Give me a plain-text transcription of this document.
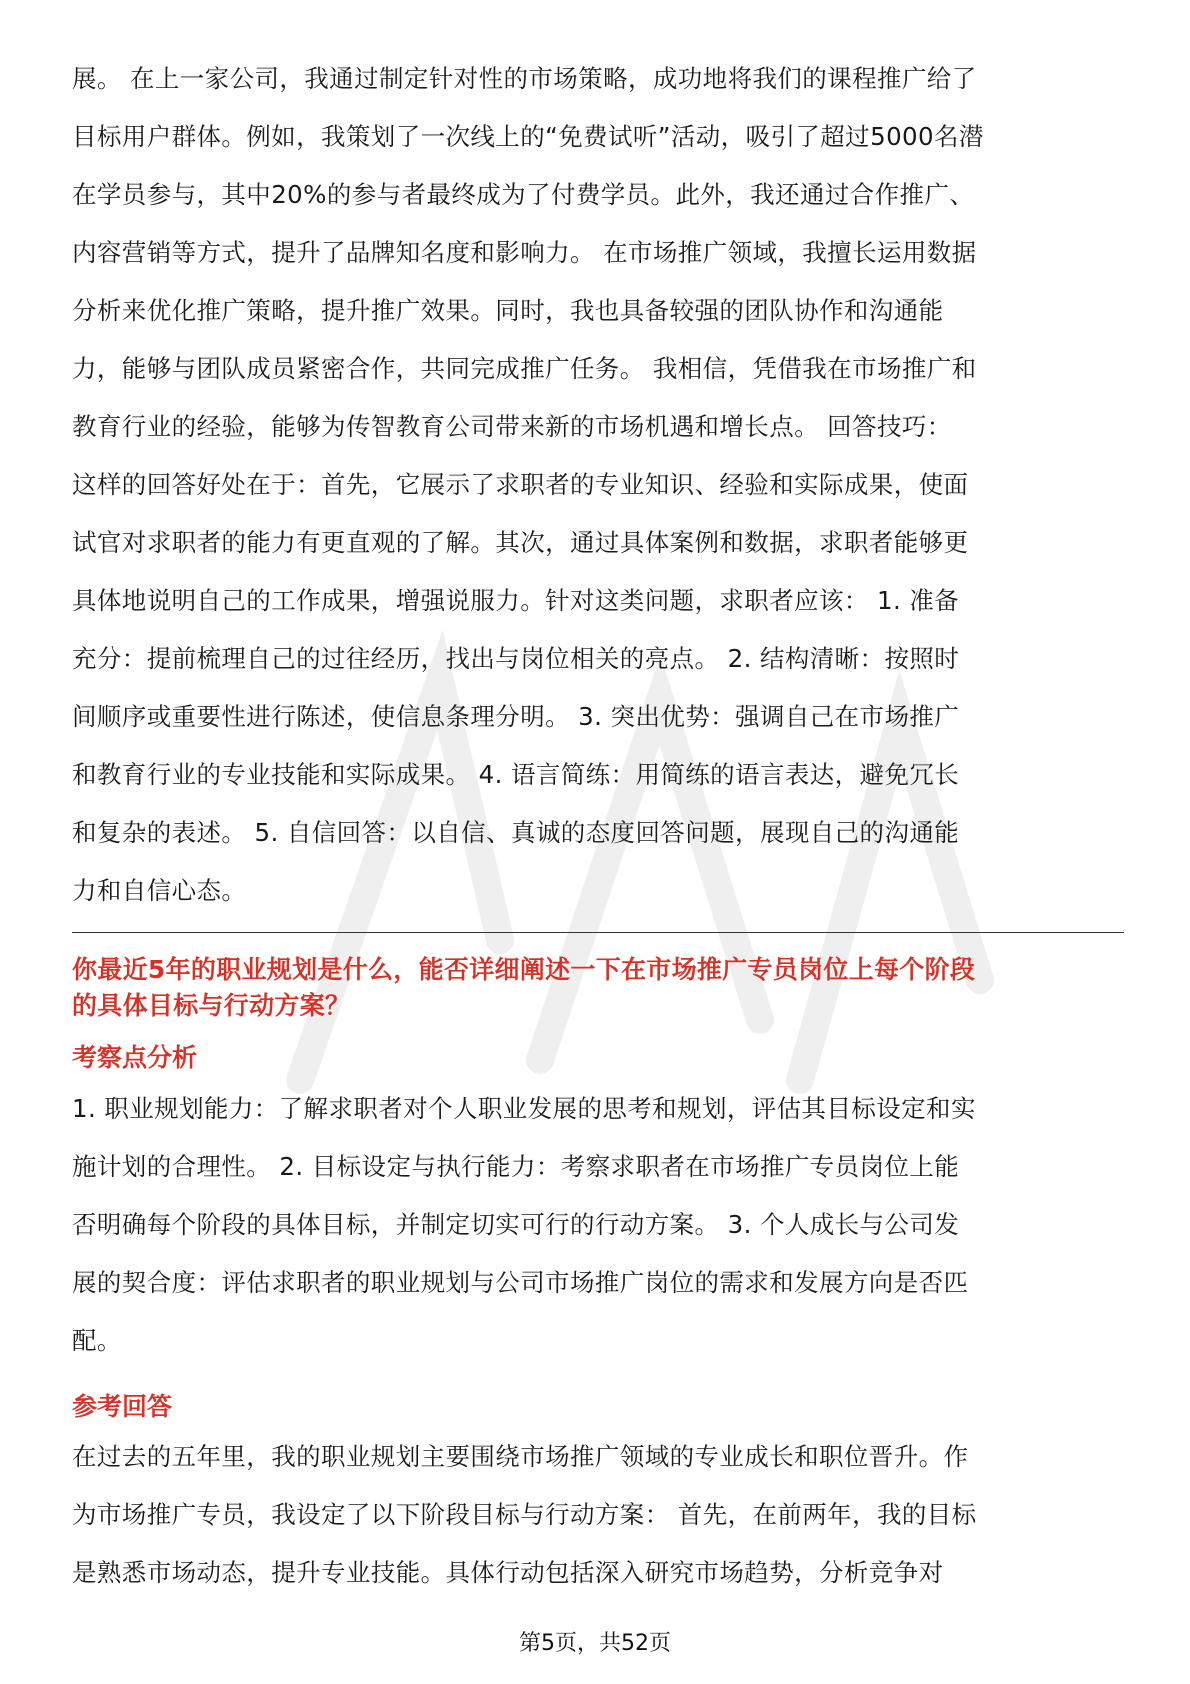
展。 在上一家公司，我通过制定针对性的市场策略，成功地将我们的课程推广给了

目标用户群体。例如，我策划了一次线上的“免费试听”活动，吸引了超过5000名潜

在学员参与，其中20%的参与者最终成为了付费学员。此外，我还通过合作推广、

内容营销等方式，提升了品牌知名度和影响力。 在市场推广领域，我擅长运用数据

分析来优化推广策略，提升推广效果。同时，我也具备较强的团队协作和沟通能

力，能够与团队成员紧密合作，共同完成推广任务。 我相信，凭借我在市场推广和

教育行业的经验，能够为传智教育公司带来新的市场机遇和增长点。 回答技巧：

这样的回答好处在于：首先，它展示了求职者的专业知识、经验和实际成果，使面

试官对求职者的能力有更直观的了解。其次，通过具体案例和数据，求职者能够更

具体地说明自己的工作成果，增强说服力。针对这类问题，求职者应该： 1. 准备

充分：提前梳理自己的过往经历，找出与岗位相关的亮点。 2. 结构清晰：按照时

间顺序或重要性进行陈述，使信息条理分明。 3. 突出优势：强调自己在市场推广

和教育行业的专业技能和实际成果。 4. 语言简练：用简练的语言表达，避免冗长

和复杂的表述。 5. 自信回答：以自信、真诚的态度回答问题，展现自己的沟通能

力和自信心态。

你最近5年的职业规划是什么，能否详细阐述一下在市场推广专员岗位上每个阶段
的具体目标与行动方案？
考察点分析

1. 职业规划能力：了解求职者对个人职业发展的思考和规划，评估其目标设定和实

施计划的合理性。 2. 目标设定与执行能力：考察求职者在市场推广专员岗位上能

否明确每个阶段的具体目标，并制定切实可行的行动方案。 3. 个人成长与公司发

展的契合度：评估求职者的职业规划与公司市场推广岗位的需求和发展方向是否匹

配。

参考回答

在过去的五年里，我的职业规划主要围绕市场推广领域的专业成长和职位晋升。作

为市场推广专员，我设定了以下阶段目标与行动方案： 首先，在前两年，我的目标

是熟悉市场动态，提升专业技能。具体行动包括深入研究市场趋势，分析竞争对

第5页，共52页
